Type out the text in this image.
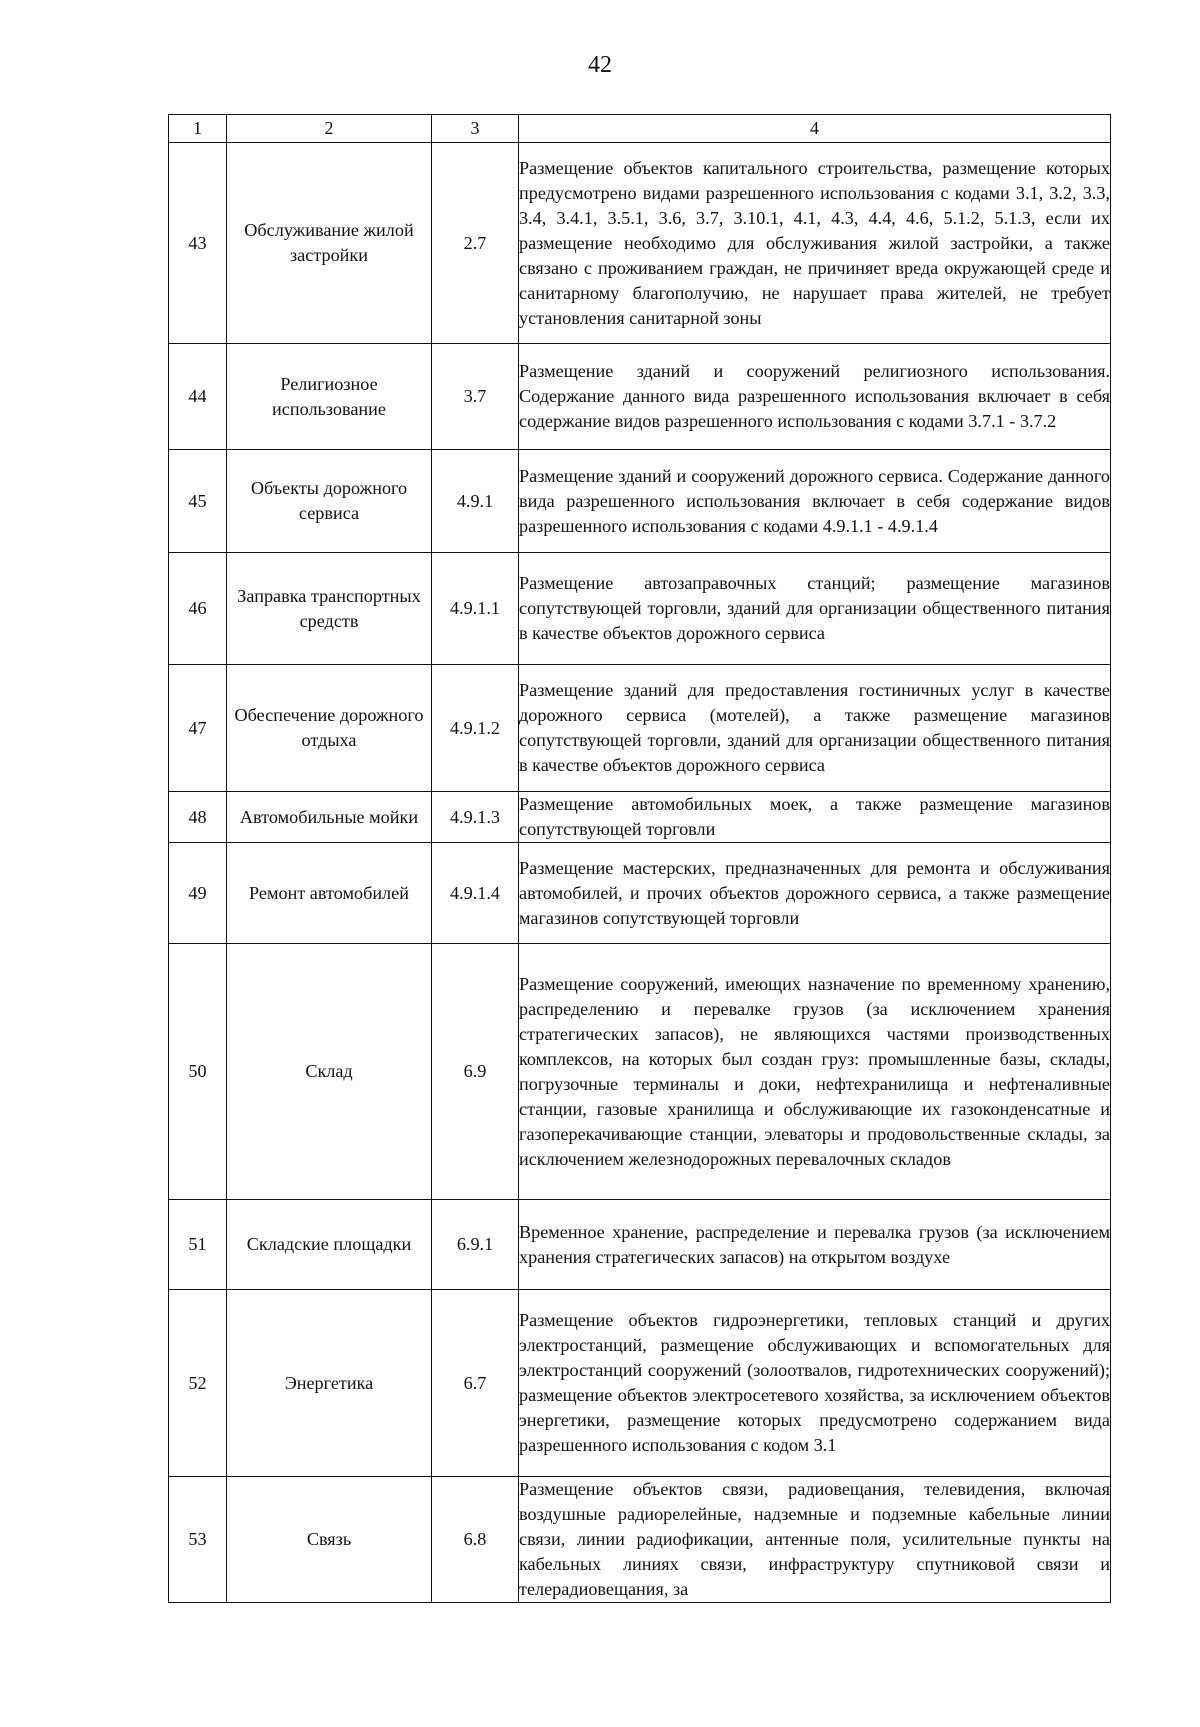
42
1	2	3	4
43	Обслуживание жилой застройки	2.7	Размещение объектов капитального строительства, размещение которых предусмотрено видами разрешенного использования с кодами 3.1, 3.2, 3.3, 3.4, 3.4.1, 3.5.1, 3.6, 3.7, 3.10.1, 4.1, 4.3, 4.4, 4.6, 5.1.2, 5.1.3, если их размещение необходимо для обслуживания жилой застройки, а также связано с проживанием граждан, не причиняет вреда окружающей среде и санитарному благополучию, не нарушает права жителей, не требует установления санитарной зоны
44	Религиозное использование	3.7	Размещение зданий и сооружений религиозного использования. Содержание данного вида разрешенного использования включает в себя содержание видов разрешенного использования с кодами 3.7.1 - 3.7.2
45	Объекты дорожного сервиса	4.9.1	Размещение зданий и сооружений дорожного сервиса. Содержание данного вида разрешенного использования включает в себя содержание видов разрешенного использования с кодами 4.9.1.1 - 4.9.1.4
46	Заправка транспортных средств	4.9.1.1	Размещение автозаправочных станций; размещение магазинов сопутствующей торговли, зданий для организации общественного питания в качестве объектов дорожного сервиса
47	Обеспечение дорожного отдыха	4.9.1.2	Размещение зданий для предоставления гостиничных услуг в качестве дорожного сервиса (мотелей), а также размещение магазинов сопутствующей торговли, зданий для организации общественного питания в качестве объектов дорожного сервиса
48	Автомобильные мойки	4.9.1.3	Размещение автомобильных моек, а также размещение магазинов сопутствующей торговли
49	Ремонт автомобилей	4.9.1.4	Размещение мастерских, предназначенных для ремонта и обслуживания автомобилей, и прочих объектов дорожного сервиса, а также размещение магазинов сопутствующей торговли
50	Склад	6.9	Размещение сооружений, имеющих назначение по временному хранению, распределению и перевалке грузов (за исключением хранения стратегических запасов), не являющихся частями производственных комплексов, на которых был создан груз: промышленные базы, склады, погрузочные терминалы и доки, нефтехранилища и нефтеналивные станции, газовые хранилища и обслуживающие их газоконденсатные и газоперекачивающие станции, элеваторы и продовольственные склады, за исключением железнодорожных перевалочных складов
51	Складские площадки	6.9.1	Временное хранение, распределение и перевалка грузов (за исключением хранения стратегических запасов) на открытом воздухе
52	Энергетика	6.7	Размещение объектов гидроэнергетики, тепловых станций и других электростанций, размещение обслуживающих и вспомогательных для электростанций сооружений (золоотвалов, гидротехнических сооружений); размещение объектов электросетевого хозяйства, за исключением объектов энергетики, размещение которых предусмотрено содержанием вида разрешенного использования с кодом 3.1
53	Связь	6.8	Размещение объектов связи, радиовещания, телевидения, включая воздушные радиорелейные, надземные и подземные кабельные линии связи, линии радиофикации, антенные поля, усилительные пункты на кабельных линиях связи, инфраструктуру спутниковой связи и телерадиовещания, за
